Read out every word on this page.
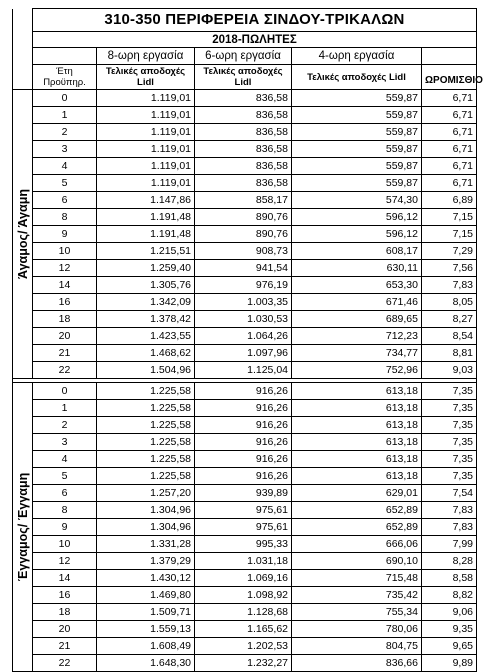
	310-350 ΠΕΡΙΦΕΡΕΙΑ ΣΙΝΔΟΥ-ΤΡΙΚΑΛΩΝ				
	2018-ΠΩΛΗΤΕΣ				
		8-ωρη εργασία	6-ωρη εργασία	4-ωρη εργασία	
	Έτη Προϋπηρ.	Τελικές αποδοχές Lidl	Τελικές αποδοχές Lidl	Τελικές αποδοχές Lidl	ΩΡΟΜΙΣΘΙΟ

Άγαμος/ Άγαμη	0	1.119,01	836,58	559,87	6,71
	1	1.119,01	836,58	559,87	6,71
	2	1.119,01	836,58	559,87	6,71
	3	1.119,01	836,58	559,87	6,71
	4	1.119,01	836,58	559,87	6,71
	5	1.119,01	836,58	559,87	6,71
	6	1.147,86	858,17	574,30	6,89
	8	1.191,48	890,76	596,12	7,15
	9	1.191,48	890,76	596,12	7,15
	10	1.215,51	908,73	608,17	7,29
	12	1.259,40	941,54	630,11	7,56
	14	1.305,76	976,19	653,30	7,83
	16	1.342,09	1.003,35	671,46	8,05
	18	1.378,42	1.030,53	689,65	8,27
	20	1.423,55	1.064,26	712,23	8,54
	21	1.468,62	1.097,96	734,77	8,81
	22	1.504,96	1.125,04	752,96	9,03

Έγγαμος/ Έγγαμη	0	1.225,58	916,26	613,18	7,35
	1	1.225,58	916,26	613,18	7,35
	2	1.225,58	916,26	613,18	7,35
	3	1.225,58	916,26	613,18	7,35
	4	1.225,58	916,26	613,18	7,35
	5	1.225,58	916,26	613,18	7,35
	6	1.257,20	939,89	629,01	7,54
	8	1.304,96	975,61	652,89	7,83
	9	1.304,96	975,61	652,89	7,83
	10	1.331,28	995,33	666,06	7,99
	12	1.379,29	1.031,18	690,10	8,28
	14	1.430,12	1.069,16	715,48	8,58
	16	1.469,80	1.098,92	735,42	8,82
	18	1.509,71	1.128,68	755,34	9,06
	20	1.559,13	1.165,62	780,06	9,35
	21	1.608,49	1.202,53	804,75	9,65
	22	1.648,30	1.232,27	836,66	9,89
